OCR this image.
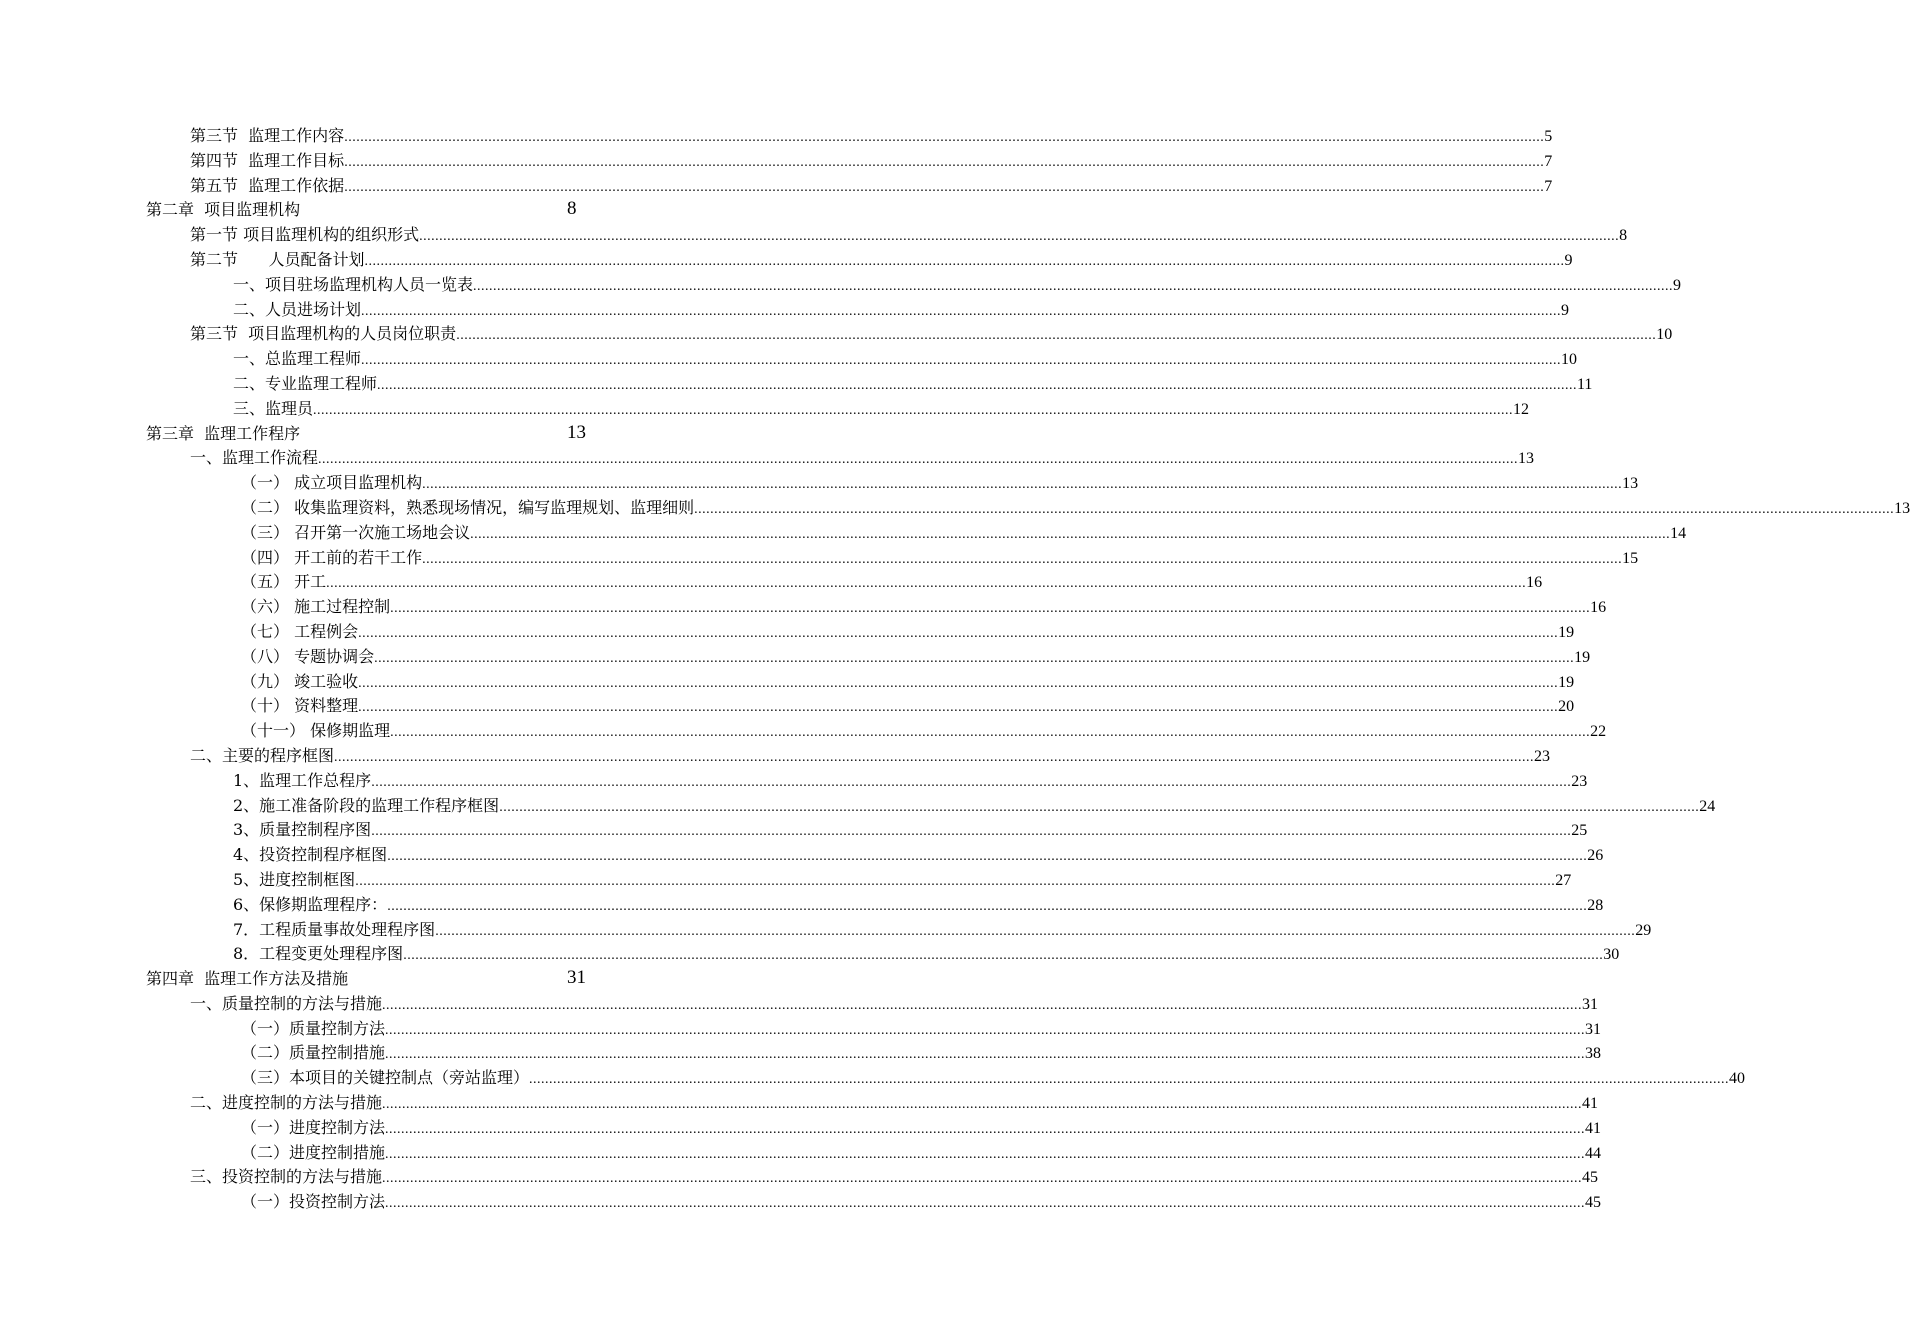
第三节  监理工作内容 ............................................................................................................................................................................................................................................................................................................ 5
第四节  监理工作目标 ............................................................................................................................................................................................................................................................................................................ 7
第五节  监理工作依据 ............................................................................................................................................................................................................................................................................................................ 7
第二章  项目监理机构	8
第一节 项目监理机构的组织形式 ............................................................................................................................................................................................................................................................................................................ 8
第二节      人员配备计划 ............................................................................................................................................................................................................................................................................................................ 9
一、项目驻场监理机构人员一览表 ............................................................................................................................................................................................................................................................................................................ 9
二、人员进场计划 ............................................................................................................................................................................................................................................................................................................ 9
第三节  项目监理机构的人员岗位职责 ............................................................................................................................................................................................................................................................................................................ 10
一、总监理工程师 ............................................................................................................................................................................................................................................................................................................ 10
二、专业监理工程师 ............................................................................................................................................................................................................................................................................................................ 11
三、监理员 ............................................................................................................................................................................................................................................................................................................ 12
第三章  监理工作程序	13
一、监理工作流程 ............................................................................................................................................................................................................................................................................................................ 13
（一） 成立项目监理机构 ............................................................................................................................................................................................................................................................................................................ 13
（二） 收集监理资料，熟悉现场情况，编写监理规划、监理细则 ............................................................................................................................................................................................................................................................................................................ 13
（三） 召开第一次施工场地会议 ............................................................................................................................................................................................................................................................................................................ 14
（四） 开工前的若干工作 ............................................................................................................................................................................................................................................................................................................ 15
（五） 开工 ............................................................................................................................................................................................................................................................................................................ 16
（六） 施工过程控制 ............................................................................................................................................................................................................................................................................................................ 16
（七） 工程例会 ............................................................................................................................................................................................................................................................................................................ 19
（八） 专题协调会 ............................................................................................................................................................................................................................................................................................................ 19
（九） 竣工验收 ............................................................................................................................................................................................................................................................................................................ 19
（十） 资料整理 ............................................................................................................................................................................................................................................................................................................ 20
（十一） 保修期监理 ............................................................................................................................................................................................................................................................................................................ 22
二、主要的程序框图 ............................................................................................................................................................................................................................................................................................................ 23
1、监理工作总程序 ............................................................................................................................................................................................................................................................................................................ 23
2、施工准备阶段的监理工作程序框图 ............................................................................................................................................................................................................................................................................................................ 24
3、质量控制程序图 ............................................................................................................................................................................................................................................................................................................ 25
4、投资控制程序框图 ............................................................................................................................................................................................................................................................................................................ 26
5、进度控制框图 ............................................................................................................................................................................................................................................................................................................ 27
6、保修期监理程序： ............................................................................................................................................................................................................................................................................................................ 28
7．工程质量事故处理程序图 ............................................................................................................................................................................................................................................................................................................ 29
8．工程变更处理程序图 ............................................................................................................................................................................................................................................................................................................ 30
第四章  监理工作方法及措施	31
一、质量控制的方法与措施 ............................................................................................................................................................................................................................................................................................................ 31
（一）质量控制方法 ............................................................................................................................................................................................................................................................................................................ 31
（二）质量控制措施 ............................................................................................................................................................................................................................................................................................................ 38
（三）本项目的关键控制点（旁站监理） ............................................................................................................................................................................................................................................................................................................ 40
二、进度控制的方法与措施 ............................................................................................................................................................................................................................................................................................................ 41
（一）进度控制方法 ............................................................................................................................................................................................................................................................................................................ 41
（二）进度控制措施 ............................................................................................................................................................................................................................................................................................................ 44
三、投资控制的方法与措施 ............................................................................................................................................................................................................................................................................................................ 45
（一）投资控制方法 ............................................................................................................................................................................................................................................................................................................ 45
